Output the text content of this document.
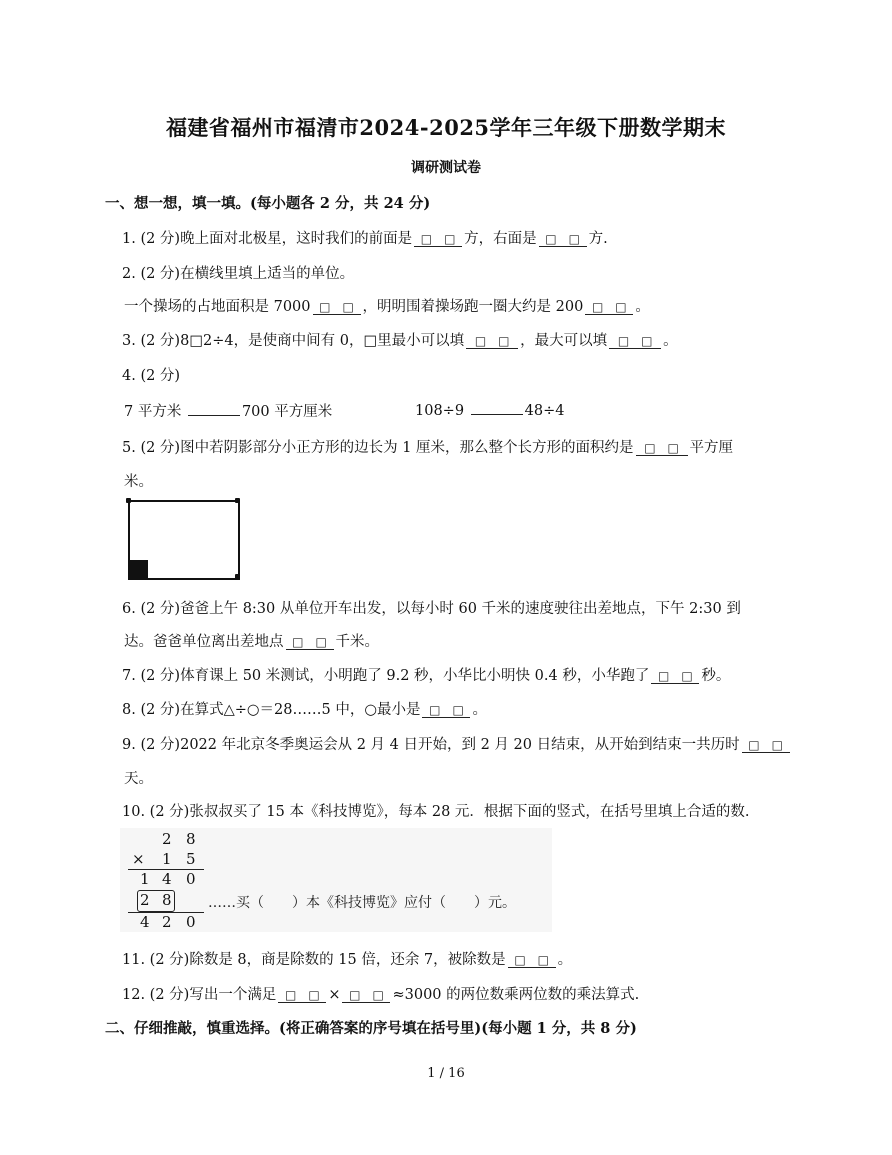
福建省福州市福清市2024-2025学年三年级下册数学期末
调研测试卷
一、想一想，填一填。(每小题各 2 分，共 24 分)
1. (2 分)晚上面对北极星，这时我们的前面是 □　□ 方，右面是 □　□ 方.
2. (2 分)在横线里填上适当的单位。
一个操场的占地面积是 7000 □　□ ，明明围着操场跑一圈大约是 200 □　□ 。
3. (2 分)8□2÷4，是使商中间有 0，□里最小可以填 □　□ ，最大可以填 □　□ 。
4. (2 分)
7 平方米	700 平方厘米	108÷9	48÷4
5. (2 分)图中若阴影部分小正方形的边长为 1 厘米，那么整个长方形的面积约是 □　□ 平方厘
米。
6. (2 分)爸爸上午 8:30 从单位开车出发，以每小时 60 千米的速度驶往出差地点，下午 2:30 到
达。爸爸单位离出差地点 □　□ 千米。
7. (2 分)体育课上 50 米测试，小明跑了 9.2 秒，小华比小明快 0.4 秒，小华跑了 □　□ 秒。
8. (2 分)在算式△÷○＝28……5 中，○最小是 □　□ 。
9. (2 分)2022 年北京冬季奥运会从 2 月 4 日开始，到 2 月 20 日结束，从开始到结束一共历时 □　□
天。
10. (2 分)张叔叔买了 15 本《科技博览》，每本 28 元．根据下面的竖式，在括号里填上合适的数.
2 8
× 1 5
1 4 0
2 8	……买（　　）本《科技博览》应付（　　）元。
4 2 0
11. (2 分)除数是 8，商是除数的 15 倍，还余 7，被除数是 □　□ 。
12. (2 分)写出一个满足 □　□ × □　□ ≈3000 的两位数乘两位数的乘法算式.
二、仔细推敲，慎重选择。(将正确答案的序号填在括号里)(每小题 1 分，共 8 分)
1 / 16
